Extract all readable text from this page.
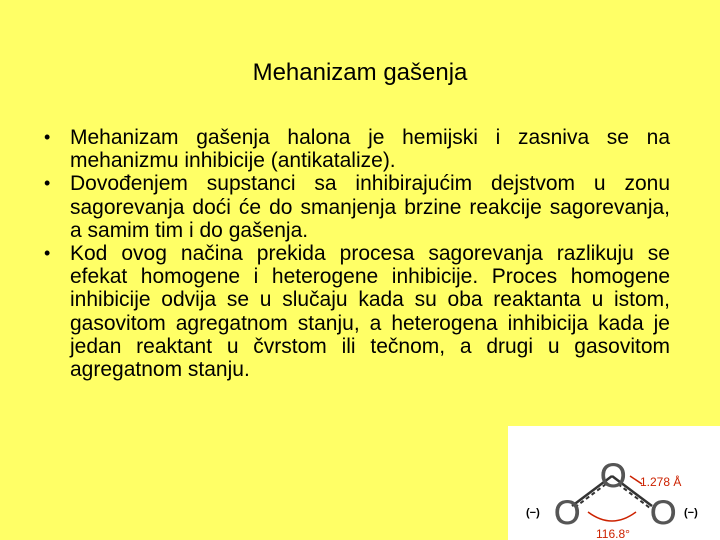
Mehanizam gašenja
• Mehanizam gašenja halona je hemijski i zasniva se na mehanizmu inhibicije (antikatalize).
• Dovođenjem supstanci sa inhibirajućim dejstvom u zonu sagorevanja doći će do smanjenja brzine reakcije sagorevanja, a samim tim i do gašenja.
• Kod ovog načina prekida procesa sagorevanja razlikuju se efekat homogene i heterogene inhibicije. Proces homogene inhibicije odvija se u slučaju kada su oba reaktanta u istom, gasovitom agregatnom stanju, a heterogena inhibicija kada je jedan reaktant u čvrstom ili tečnom, a drugi u gasovitom agregatnom stanju.
O
O O
1.278 Å
116.8°
(−)	(−)
